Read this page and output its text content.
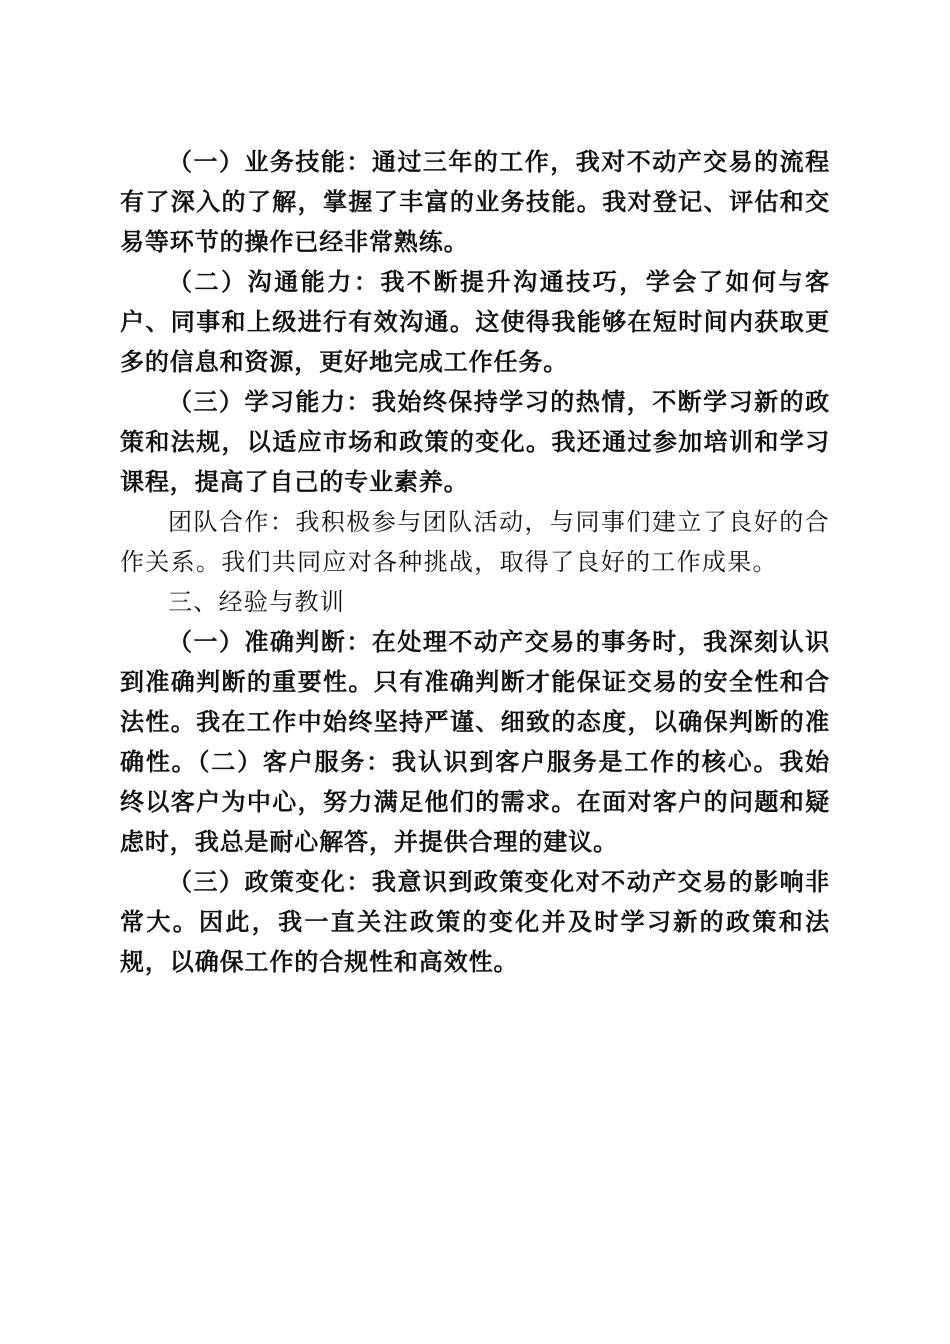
（一）业务技能：通过三年的工作，我对不动产交易的流程有了深入的了解，掌握了丰富的业务技能。我对登记、评估和交易等环节的操作已经非常熟练。

（二）沟通能力：我不断提升沟通技巧，学会了如何与客户、同事和上级进行有效沟通。这使得我能够在短时间内获取更多的信息和资源，更好地完成工作任务。

（三）学习能力：我始终保持学习的热情，不断学习新的政策和法规，以适应市场和政策的变化。我还通过参加培训和学习课程，提高了自己的专业素养。

团队合作：我积极参与团队活动，与同事们建立了良好的合作关系。我们共同应对各种挑战，取得了良好的工作成果。

三、经验与教训

（一）准确判断：在处理不动产交易的事务时，我深刻认识到准确判断的重要性。只有准确判断才能保证交易的安全性和合法性。我在工作中始终坚持严谨、细致的态度，以确保判断的准确性。（二）客户服务：我认识到客户服务是工作的核心。我始终以客户为中心，努力满足他们的需求。在面对客户的问题和疑虑时，我总是耐心解答，并提供合理的建议。

（三）政策变化：我意识到政策变化对不动产交易的影响非常大。因此，我一直关注政策的变化并及时学习新的政策和法规，以确保工作的合规性和高效性。
